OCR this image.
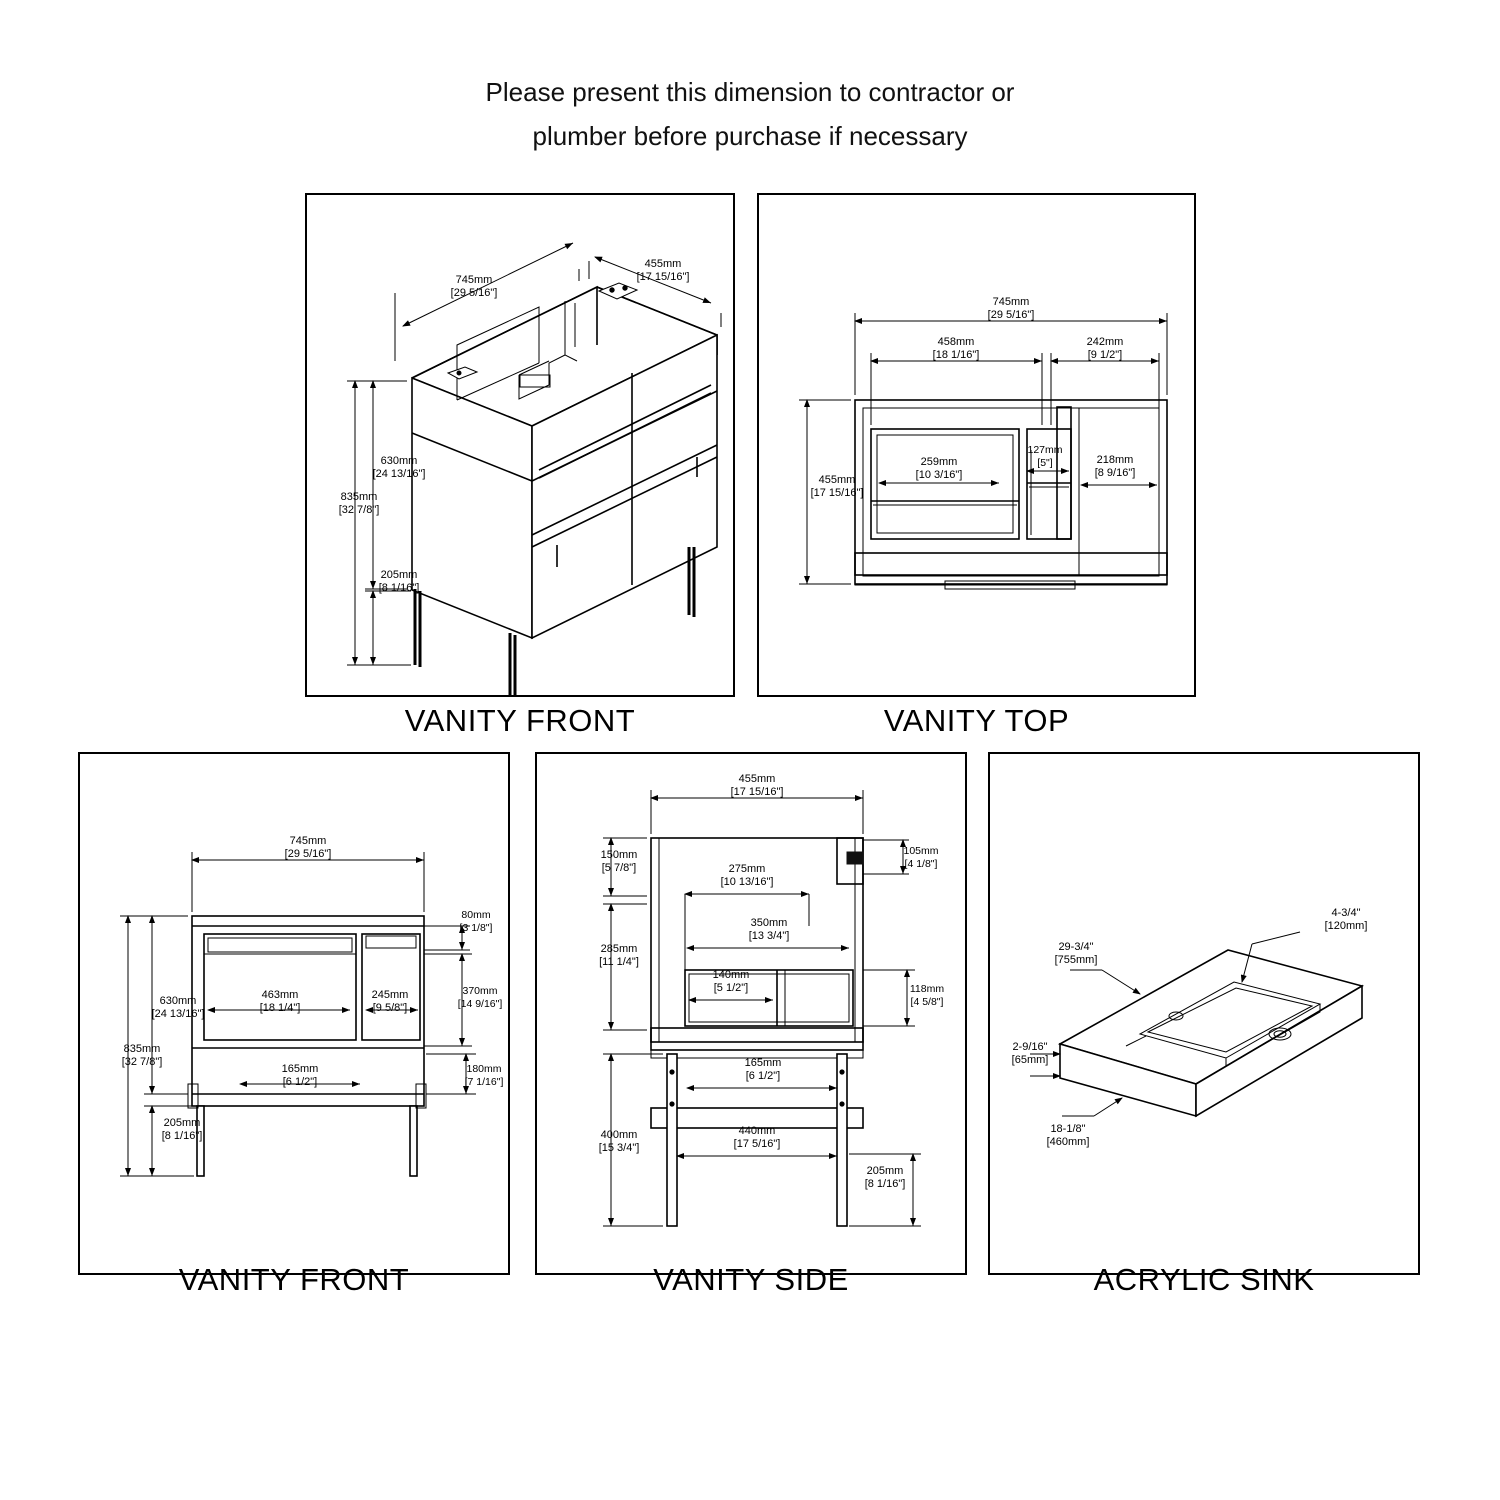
Please present this dimension to contractor or
plumber before purchase if necessary
745mm
[29 5/16"]
455mm
[17 15/16"]
630mm
[24 13/16"]
835mm
[32 7/8"]
205mm
[8 1/16"]
VANITY FRONT
745mm
[29 5/16"]
458mm
[18 1/16"]
242mm
[9 1/2"]
455mm
[17 15/16"]
259mm
[10 3/16"]
127mm
[5"]	218mm
[8 9/16"]
VANITY TOP
745mm
[29 5/16"]
80mm
[3 1/8"]
630mm
[24 13/16"]
463mm
[18 1/4"]
245mm
[9 5/8"]
370mm
[14 9/16"]
835mm
[32 7/8"]
165mm
[6 1/2"]
180mm
[7 1/16"]
205mm
[8 1/16"]
VANITY FRONT
455mm
[17 15/16"]
150mm
[5 7/8"]	275mm
[10 13/16"]
105mm
[4 1/8"]
350mm
[13 3/4"]
285mm
[11 1/4"]
140mm
[5 1/2"]	118mm
[4 5/8"]
165mm
[6 1/2"]
400mm
[15 3/4"]
440mm
[17 5/16"]
205mm
[8 1/16"]
VANITY SIDE
4-3/4"
[120mm]
29-3/4"
[755mm]
2-9/16"
[65mm]
18-1/8"
[460mm]
ACRYLIC SINK
